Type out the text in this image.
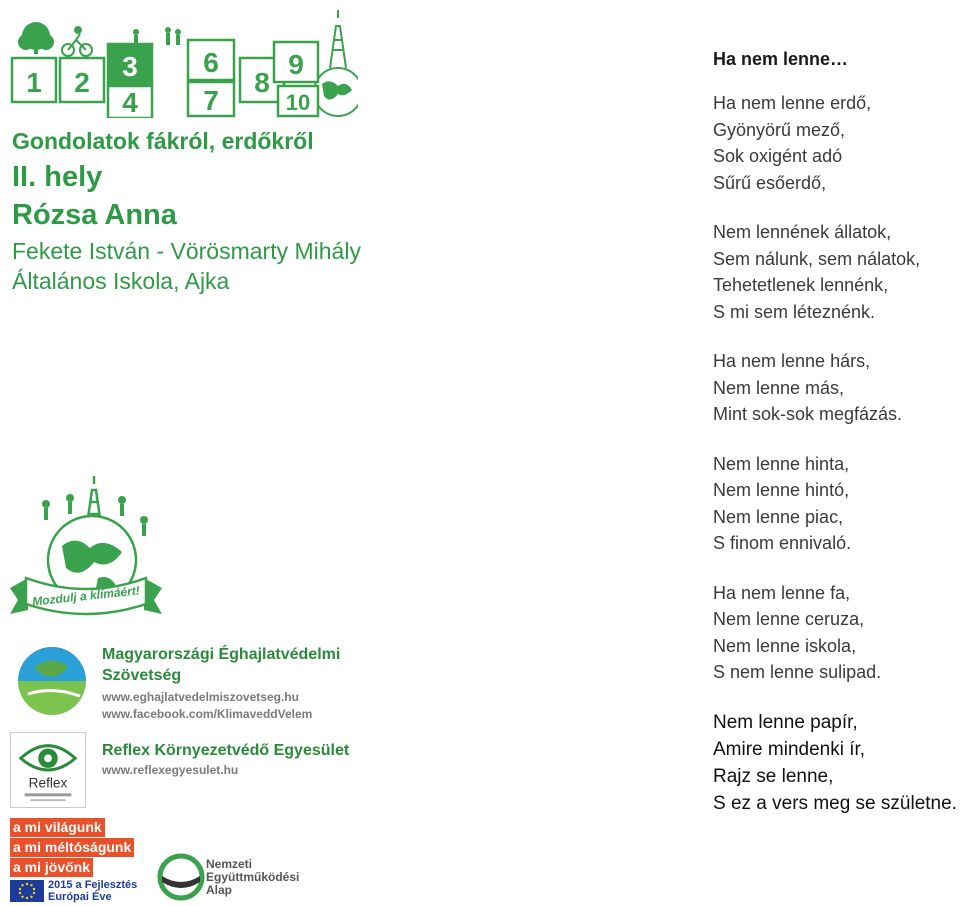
1 2
3
4
6
7
8
9
10
Gondolatok fákról, erdőkről
II. hely
Rózsa Anna
Fekete István - Vörösmarty Mihály
Általános Iskola, Ajka
Mozdulj a klímáért!
Magyarországi Éghajlatvédelmi
Szövetség
www.eghajlatvedelmiszovetseg.hu
www.facebook.com/KlimaveddVelem
Reflex
Reflex Környezetvédő Egyesület
www.reflexegyesulet.hu
a mi világunk
a mi méltóságunk
a mi jövőnk
2015 a Fejlesztés
Európai Éve
Nemzeti
Együttműködési
Alap
Ha nem lenne…
Ha nem lenne erdő,
Gyönyörű mező,
Sok oxigént adó
Sűrű esőerdő,
Nem lennének állatok,
Sem nálunk, sem nálatok,
Tehetetlenek lennénk,
S mi sem léteznénk.
Ha nem lenne hárs,
Nem lenne más,
Mint sok-sok megfázás.
Nem lenne hinta,
Nem lenne hintó,
Nem lenne piac,
S finom ennivaló.
Ha nem lenne fa,
Nem lenne ceruza,
Nem lenne iskola,
S nem lenne sulipad.
Nem lenne papír,
Amire mindenki ír,
Rajz se lenne,
S ez a vers meg se születne.
